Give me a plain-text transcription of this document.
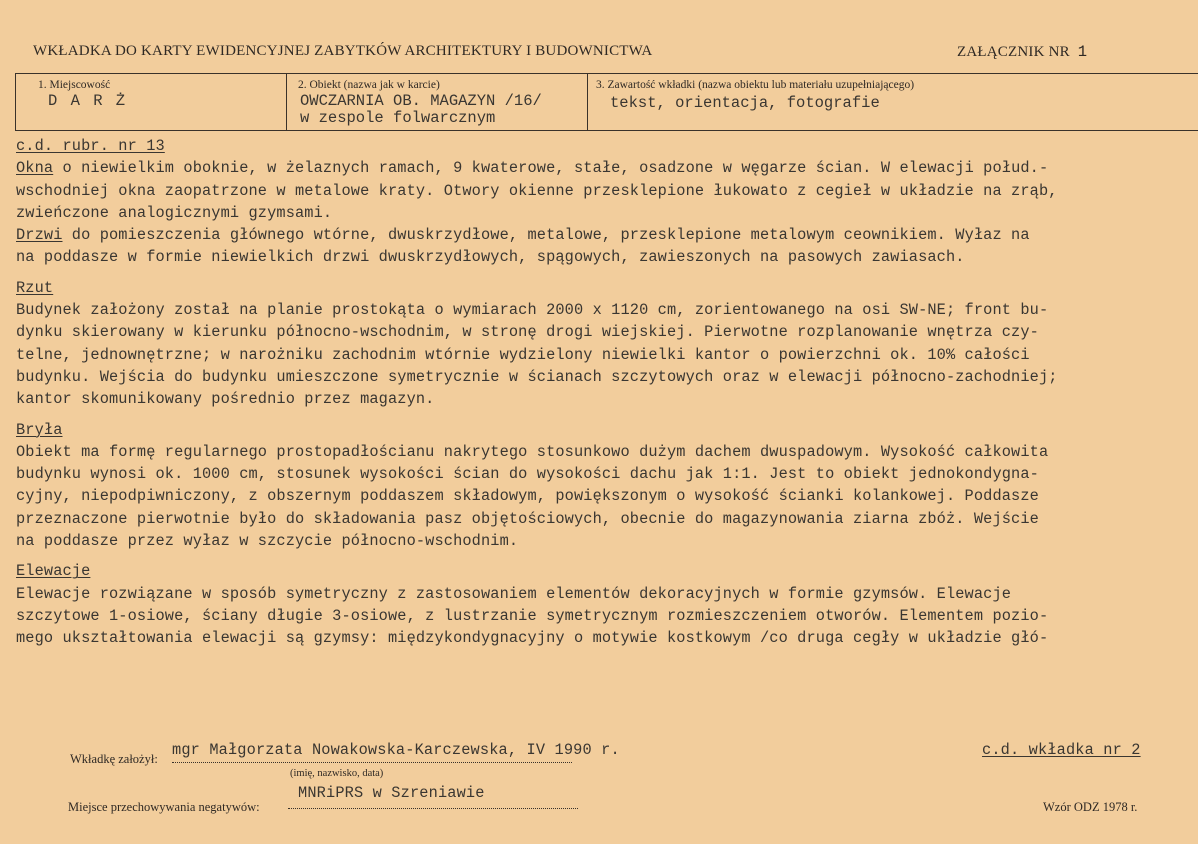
WKŁADKA DO KARTY EWIDENCYJNEJ ZABYTKÓW ARCHITEKTURY I BUDOWNICTWA	ZAŁĄCZNIK NR 1
1. Miejscowość
D A R Ż
2. Obiekt (nazwa jak w karcie)
OWCZARNIA OB. MAGAZYN /16/
w zespole folwarcznym
3. Zawartość wkładki (nazwa obiektu lub materiału uzupełniającego)
tekst, orientacja, fotografie
c.d. rubr. nr 13
Okna o niewielkim oboknie, w żelaznych ramach, 9 kwaterowe, stałe, osadzone w węgarze ścian. W elewacji połud.-
wschodniej okna zaopatrzone w metalowe kraty. Otwory okienne przesklepione łukowato z cegieł w układzie na zrąb,
zwieńczone analogicznymi gzymsami.
Drzwi do pomieszczenia głównego wtórne, dwuskrzydłowe, metalowe, przesklepione metalowym ceownikiem. Wyłaz na
na poddasze w formie niewielkich drzwi dwuskrzydłowych, spągowych, zawieszonych na pasowych zawiasach.
Rzut
Budynek założony został na planie prostokąta o wymiarach 2000 x 1120 cm, zorientowanego na osi SW-NE; front bu-
dynku skierowany w kierunku północno-wschodnim, w stronę drogi wiejskiej. Pierwotne rozplanowanie wnętrza czy-
telne, jednownętrzne; w narożniku zachodnim wtórnie wydzielony niewielki kantor o powierzchni ok. 10% całości
budynku. Wejścia do budynku umieszczone symetrycznie w ścianach szczytowych oraz w elewacji północno-zachodniej;
kantor skomunikowany pośrednio przez magazyn.
Bryła
Obiekt ma formę regularnego prostopadłościanu nakrytego stosunkowo dużym dachem dwuspadowym. Wysokość całkowita
budynku wynosi ok. 1000 cm, stosunek wysokości ścian do wysokości dachu jak 1:1. Jest to obiekt jednokondygna-
cyjny, niepodpiwniczony, z obszernym poddaszem składowym, powiększonym o wysokość ścianki kolankowej. Poddasze
przeznaczone pierwotnie było do składowania pasz objętościowych, obecnie do magazynowania ziarna zbóż. Wejście
na poddasze przez wyłaz w szczycie północno-wschodnim.
Elewacje
Elewacje rozwiązane w sposób symetryczny z zastosowaniem elementów dekoracyjnych w formie gzymsów. Elewacje
szczytowe 1-osiowe, ściany długie 3-osiowe, z lustrzanie symetrycznym rozmieszczeniem otworów. Elementem pozio-
mego ukształtowania elewacji są gzymsy: międzykondygnacyjny o motywie kostkowym /co druga cegły w układzie głó-
Wkładkę założył: mgr Małgorzata Nowakowska-Karczewska, IV 1990 r.
(imię, nazwisko, data)
c.d. wkładka nr 2
Miejsce przechowywania negatywów:
MNRiPRS w Szreniawie
Wzór ODZ 1978 r.
